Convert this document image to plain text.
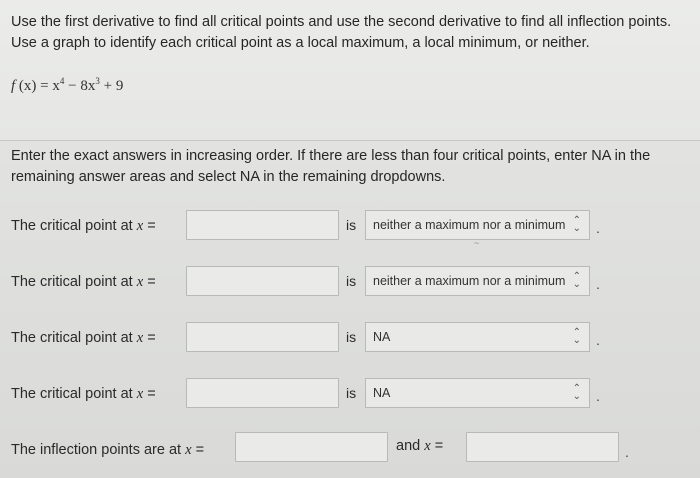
Use the first derivative to find all critical points and use the second derivative to find all inflection points. Use a graph to identify each critical point as a local maximum, a local minimum, or neither.
f $(x) = x^4 - 8x^3 + 9$
Enter the exact answers in increasing order. If there are less than four critical points, enter NA in the remaining answer areas and select NA in the remaining dropdowns.
The critical point at x =	is neither a maximum nor a minimum ⌃
⌄ .
~
The critical point at x =	is neither a maximum nor a minimum ⌃
⌄ .
The critical point at x =	is NA	⌃
⌄ .
The critical point at x =	is NA	⌃
⌄ .
The inflection points are at x =	and x =	.
